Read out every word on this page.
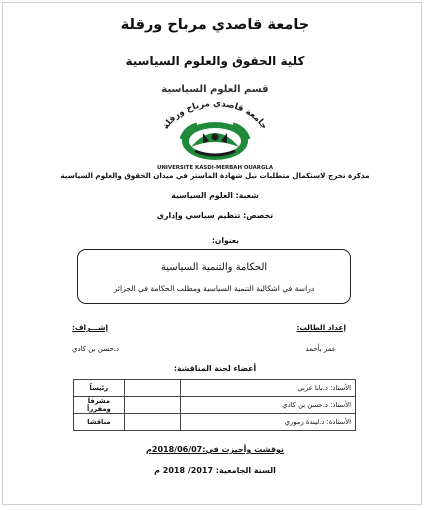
جامعة قاصدي مرباح ورقلة
كلية الحقوق والعلوم السياسية
قسم العلوم السياسية
جامعة قاصدي مرباح ورقلة
UNIVERSITE KASDI-MERBAH OUARGLA
مذكرة تخرج لاستكمال متطلبات نيل شهادة الماستر في ميدان الحقوق والعلوم السياسية
شعبة: العلوم السياسية
تخصص: تنظيم سياسي وإداري
بعنوان:
الحكامة والتنمية السياسية
دراسة في اشكالية التنمية السياسية ومطلب الحكامة في الجزائر
إعداد الطالب:
عمر بأحمد
إشـــراف:
د.حسن بن كادي
أعضاء لجنة المناقشة:
الأستاذ: د.بابا عربي		رئيساً
الأستاذ: د.حسن بن كادي		مشرفاً ومقرراً
الأستاذة: د.ليندة زموري		مناقشا
نوقشت وأجيزت في:2018/06/07م
السنة الجامعية: 2017/ 2018 م
